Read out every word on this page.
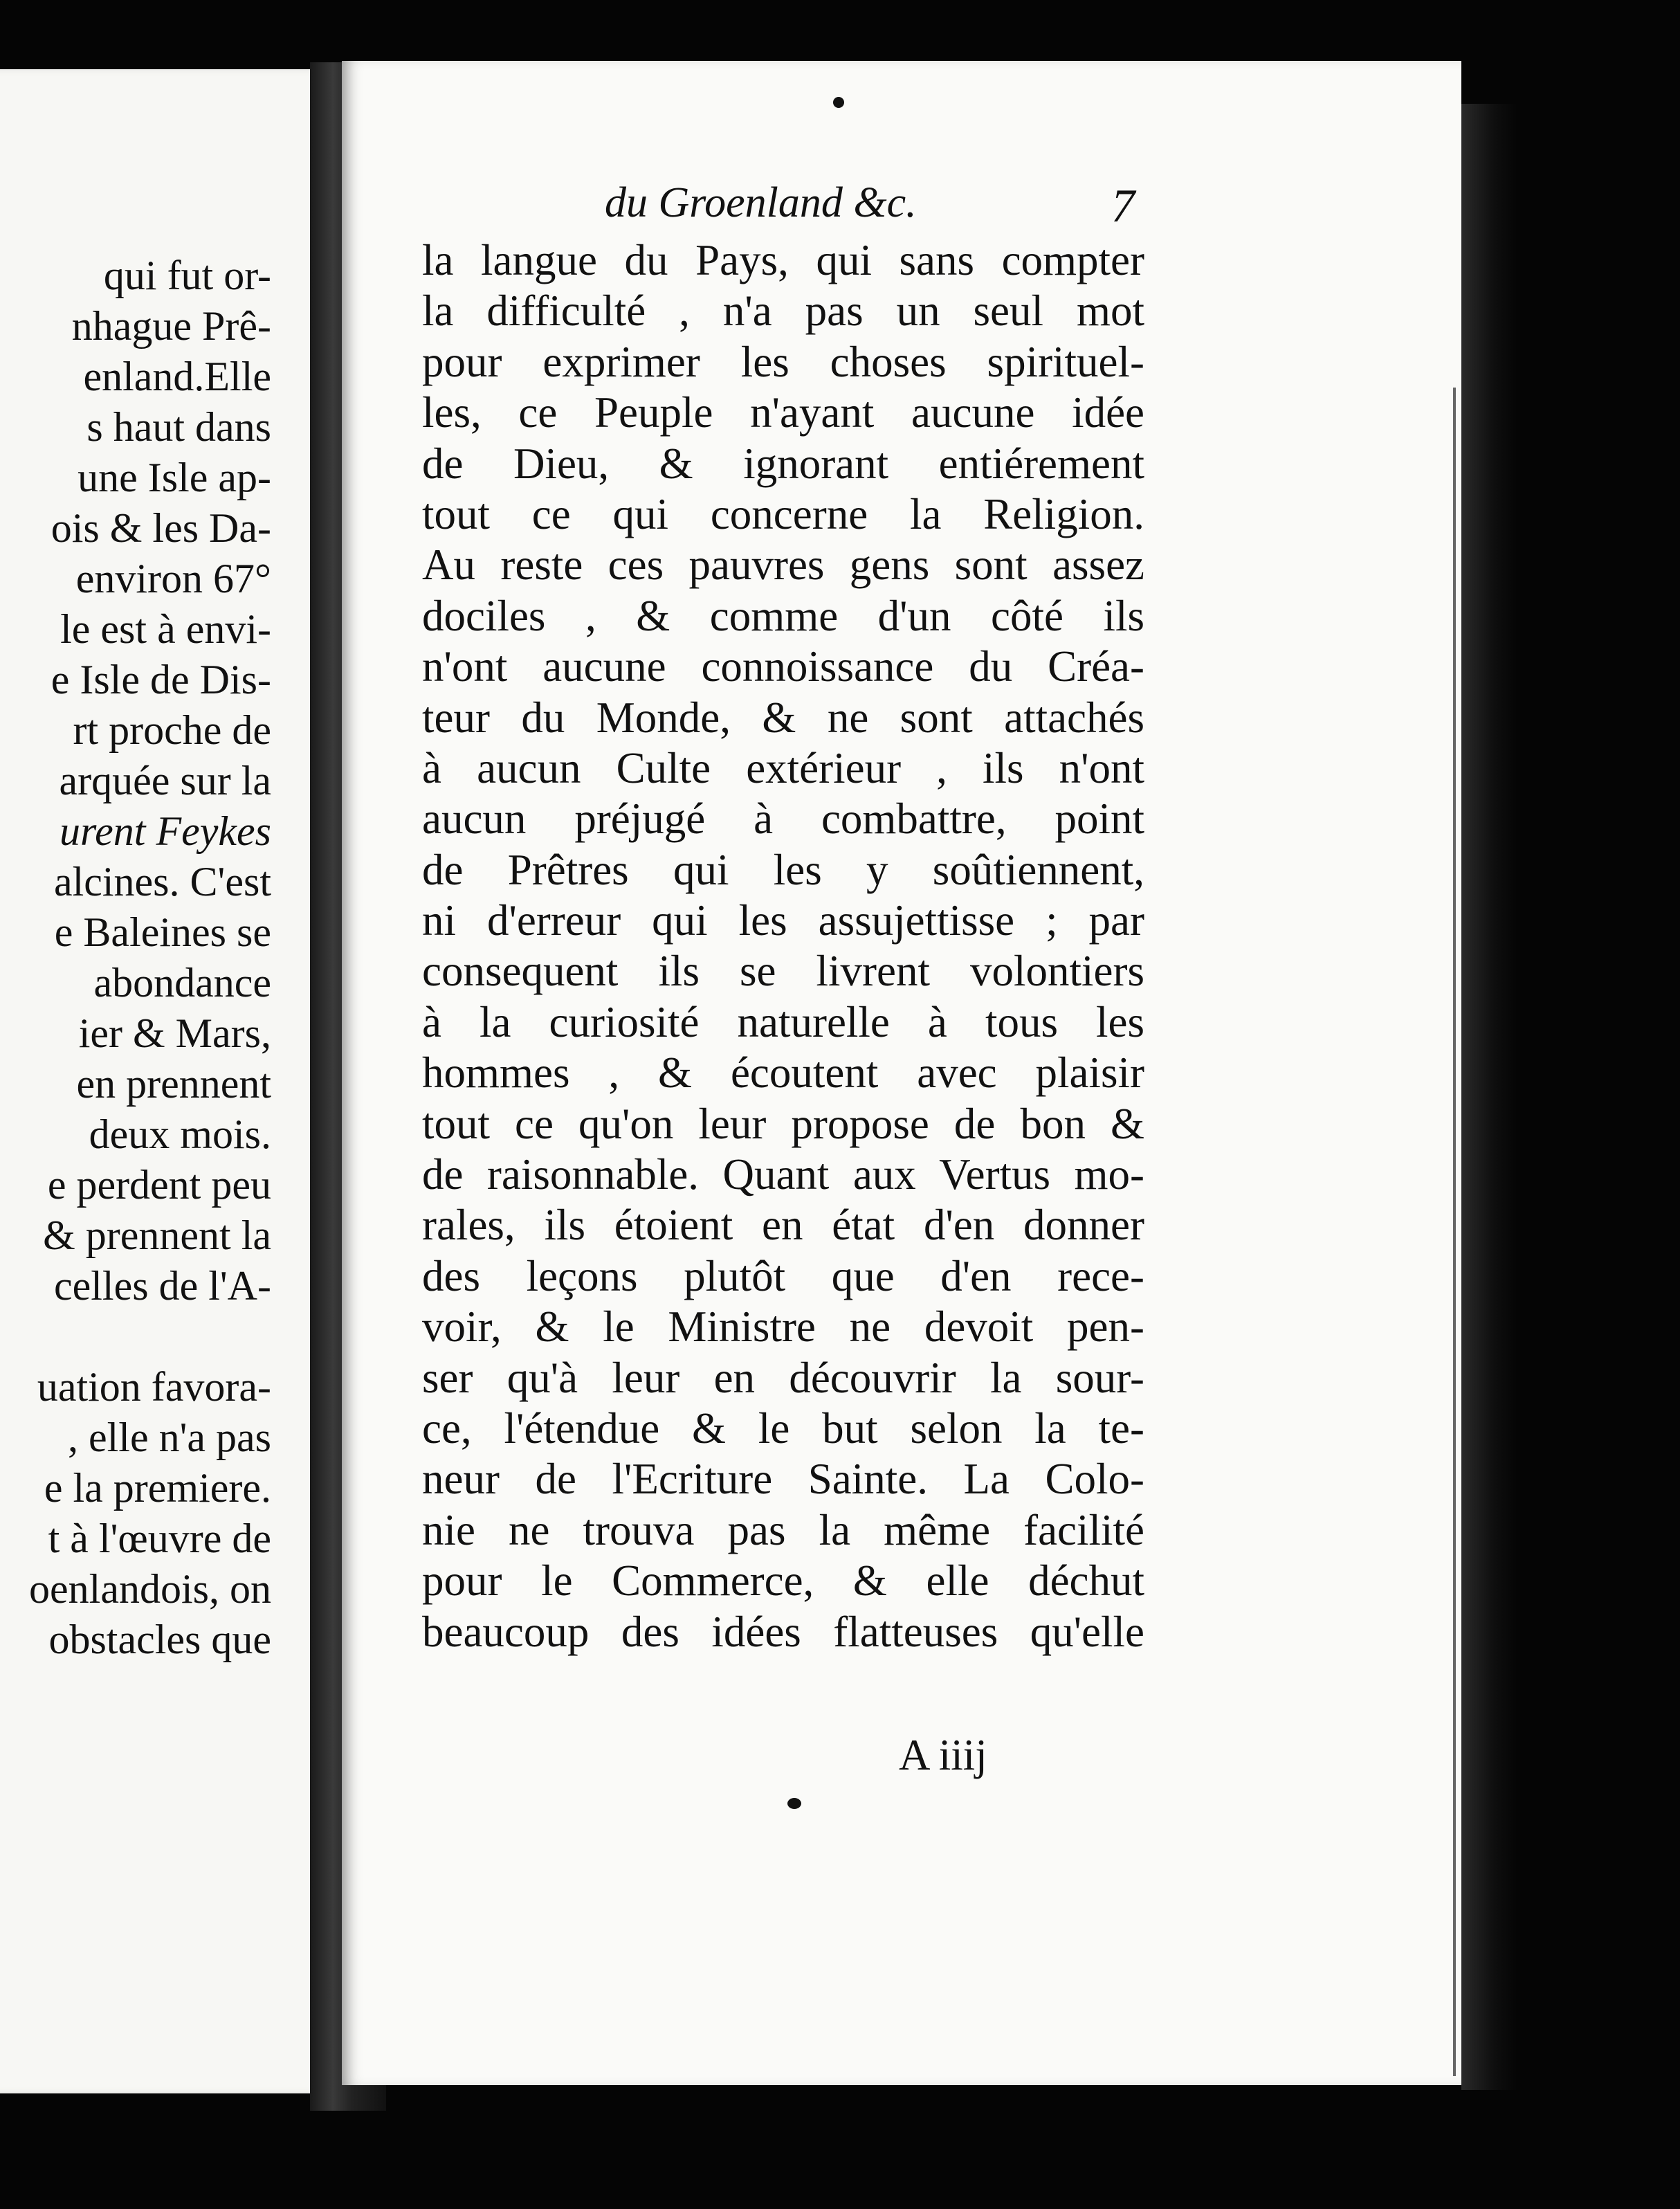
qui fut or-
nhague Prê-
enland.Elle
s haut dans
une Isle ap-
ois & les Da-
environ 67°
le est à envi-
e Isle de Dis-
rt proche de
arquée sur la
urent Feykes
alcines. C'est
e Baleines se
abondance
ier & Mars,
en prennent
deux mois.
e perdent peu
& prennent la
celles de l'A-
uation favora-
, elle n'a pas
e la premiere.
t à l'œuvre de
oenlandois, on
obstacles que
du Groenland &c.	7
la langue du Pays, qui sans compter
la difficulté , n'a pas un seul mot
pour exprimer les choses spirituel-
les, ce Peuple n'ayant aucune idée
de Dieu, & ignorant entiérement
tout ce qui concerne la Religion.
Au reste ces pauvres gens sont assez
dociles , & comme d'un côté ils
n'ont aucune connoissance du Créa-
teur du Monde, & ne sont attachés
à aucun Culte extérieur , ils n'ont
aucun préjugé à combattre, point
de Prêtres qui les y soûtiennent,
ni d'erreur qui les assujettisse ; par
consequent ils se livrent volontiers
à la curiosité naturelle à tous les
hommes , & écoutent avec plaisir
tout ce qu'on leur propose de bon &
de raisonnable. Quant aux Vertus mo-
rales, ils étoient en état d'en donner
des leçons plutôt que d'en rece-
voir, & le Ministre ne devoit pen-
ser qu'à leur en découvrir la sour-
ce, l'étendue & le but selon la te-
neur de l'Ecriture Sainte. La Colo-
nie ne trouva pas la même facilité
pour le Commerce, & elle déchut
beaucoup des idées flatteuses qu'elle
A iiij
